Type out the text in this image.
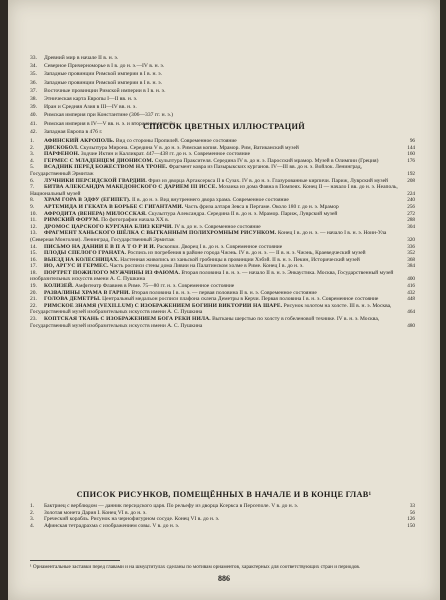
33. Древний мир в начале II в. н. э.
34. Северное Причерноморье в I в. до н. э.—IV в. н. э.
35. Западные провинции Римской империи в I в. н. э.
36. Западные провинции Римской империи в I в. н. э.
37. Восточные провинции Римской империи в I в. н. э.
38. Этническая карта Европы I—II вв. н. э.
39. Иран и Средняя Азия в III—IV вв. н. э.
40. Римская империя при Константине (306—337 гг. н. э.)
41. Римская империя в IV—V вв. н. э. и вторжения племён
42. Западная Европа в 476 г.
СПИСОК ЦВЕТНЫХ ИЛЛЮСТРАЦИЙ
1. АФИНСКИЙ АКРОПОЛЬ. Вид со стороны Пропилей. Современное состояние	96
2. ДИСКОБОЛ. Скульптура Мирона. Середина V в. до н. э. Римская копия. Мрамор. Рим, Ватиканский музей	144
3. ПАРФЕНОН. Зодчие Иктин и Калликрат. 447—438 гг. до н. э. Современное состояние	160
4. ГЕРМЕС С МЛАДЕНЦЕМ ДИОНИСОМ. Скульптура Праксителя. Середина IV в. до н. э. Паросский мрамор. Музей в Олимпии (Греция)	176
5. ВСАДНИК ПЕРЕД БОЖЕСТВОМ НА ТРОНЕ. Фрагмент ковра из Пазырыкских курганов. IV—III вв. до н. э. Войлок. Ленинград, Государственный Эрмитаж	192
6. ЛУЧНИКИ ПЕРСИДСКОЙ ГВАРДИИ. Фриз из дворца Артаксеркса II в Сузах. IV в. до н. э. Глазурованные кирпичи. Париж, Луврский музей	208
7. БИТВА АЛЕКСАНДРА МАКЕДОНСКОГО С ДАРИЕМ III ИССЕ. Мозаика из дома Фавна в Помпеях. Конец II — начало I вв. до н. э. Неаполь, Национальный музей	224
8. ХРАМ ГОРА В ЭДФУ (ЕГИПЕТ). II в. до н. э. Вид внутреннего двора храма. Современное состояние	240
9. АРТЕМИДА И ГЕКАТА В БОРЬБЕ С ГИГАНТАМИ. Часть фриза алтаря Зевса в Пергаме. Около 180 г. до н. э. Мрамор	256
10. АФРОДИТА (ВЕНЕРА) МИЛОССКАЯ. Скульптура Александра. Середина II в. до н. э. Мрамор. Париж, Луврский музей	272
11. РИМСКИЙ ФОРУМ. По фотографии начала XX в.	288
12. ДРОМОС ЦАРСКОГО КУРГАНА БЛИЗ КЕРЧИ. IV в. до н. э. Современное состояние	304
13. ФРАГМЕНТ ХАНЬСКОГО ШЁЛКА С ВЫТКАННЫМ ПОЛИХРОМНЫМ РИСУНКОМ. Конец I в. до н. э. — начало I в. н. э. Ноин-Ула (Северная Монголия). Ленинград, Государственный Эрмитаж	320
14. ПИСЬМО НА ДАНИИ Е В П А Т О Р И И. Раскопки. Дворец I в. до н. э. Современное состояние	336
15. ПЛОДЫ СПЕЛОГО ГРАНАТА. Роспись из погребения в районе города Чжэнь. IV в. до н. э. — II в. н. э. Чжэнь, Краеведческий музей	352
16. ВЫЕЗД НА КОЛЕСНИЦАХ. Настенная живопись из ханьской гробницы в провинции Хэбэй. II в. н. э. Пекин, Исторический музей	368
17. ИО, АРГУС И ГЕРМЕС. Часть росписи стены дома Ливии на Палатинском холме в Риме. Конец I в. до н. э.	384
18. ПОРТРЕТ ПОЖИЛОГО МУЖЧИНЫ ИЗ ФАЮМА. Вторая половина I в. н. э. — начало II в. н. э. Энкаустика. Москва, Государственный музей изобразительных искусств имени А. С. Пушкина	400
19. КОЛИЗЕЙ. Амфитеатр Флавиев в Риме. 75—80 гг. н. э. Современное состояние	416
20. РАЗВАЛИНЫ ХРАМА В ГАРНИ. Вторая половина I в. н. э. — первая половина II в. н. э. Современное состояние	432
21. ГОЛОВА ДЕМЕТРЫ. Центральный медальон росписи плафона склепа Деметры в Керчи. Первая половина I в. н. э. Современное состояние	448
22. РИМСКОЕ ЗНАМЯ (VEXILLUM) С ИЗОБРАЖЕНИЕМ БОГИНИ ВИКТОРИИ НА ШАРЕ. Рисунок золотом на холсте. III в. н. э. Москва, Государственный музей изобразительных искусств имени А. С. Пушкина	464
23. КОПТСКАЯ ТКАНЬ С ИЗОБРАЖЕНИЕМ БОГА РЕКИ НИЛА. Вытканы шерстью по холсту в гобеленовой технике. IV в. н. э. Москва, Государственный музей изобразительных искусств имени А. С. Пушкина	480
СПИСОК РИСУНКОВ, ПОМЕЩЁННЫХ В НАЧАЛЕ И В КОНЦЕ ГЛАВ¹
1. Бактриец с верблюдом — данник персидского царя. По рельефу из дворца Ксеркса в Персеполе. V в. до н. э.	33
2. Золотая монета Дария I. Конец VI в. до н. э.	56
3. Греческий корабль. Рисунок на чернофигурном сосуде. Конец VI в. до н. э.	126
4. Афинская тетрадрахма с изображением совы. V в. до н. э.	150
¹ Орнаментальные заставки перед главами и на шмуцтитулах сделаны по мотивам орнаментов, характерных для соответствующих стран и периодов.
886
